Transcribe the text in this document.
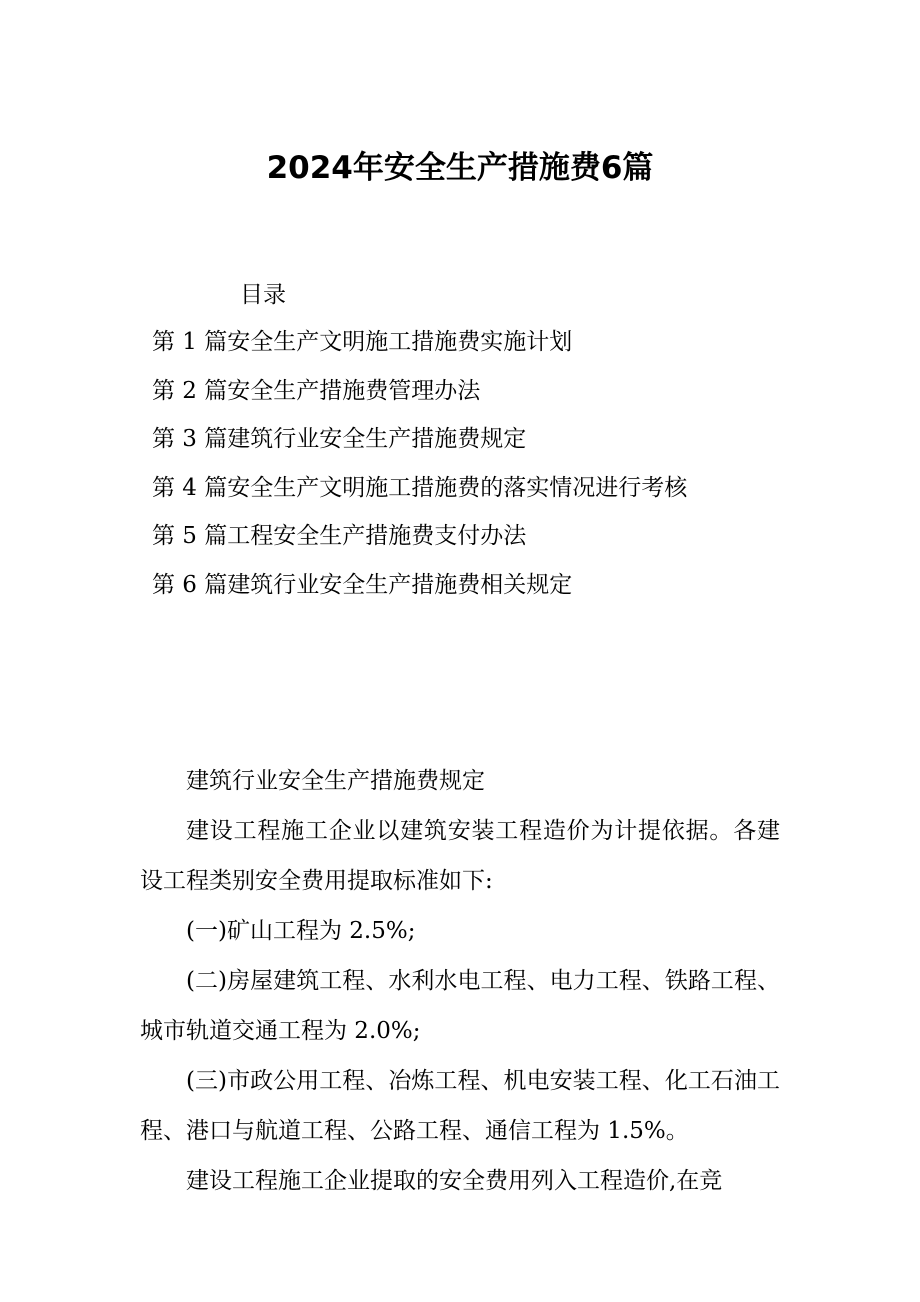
2024年安全生产措施费6篇
目录
第 1 篇安全生产文明施工措施费实施计划
第 2 篇安全生产措施费管理办法
第 3 篇建筑行业安全生产措施费规定
第 4 篇安全生产文明施工措施费的落实情况进行考核
第 5 篇工程安全生产措施费支付办法
第 6 篇建筑行业安全生产措施费相关规定

建筑行业安全生产措施费规定

建设工程施工企业以建筑安装工程造价为计提依据。各建设工程类别安全费用提取标准如下:

(一)矿山工程为 2.5%;

(二)房屋建筑工程、水利水电工程、电力工程、铁路工程、城市轨道交通工程为 2.0%;

(三)市政公用工程、冶炼工程、机电安装工程、化工石油工程、港口与航道工程、公路工程、通信工程为 1.5%。

建设工程施工企业提取的安全费用列入工程造价,在竞
